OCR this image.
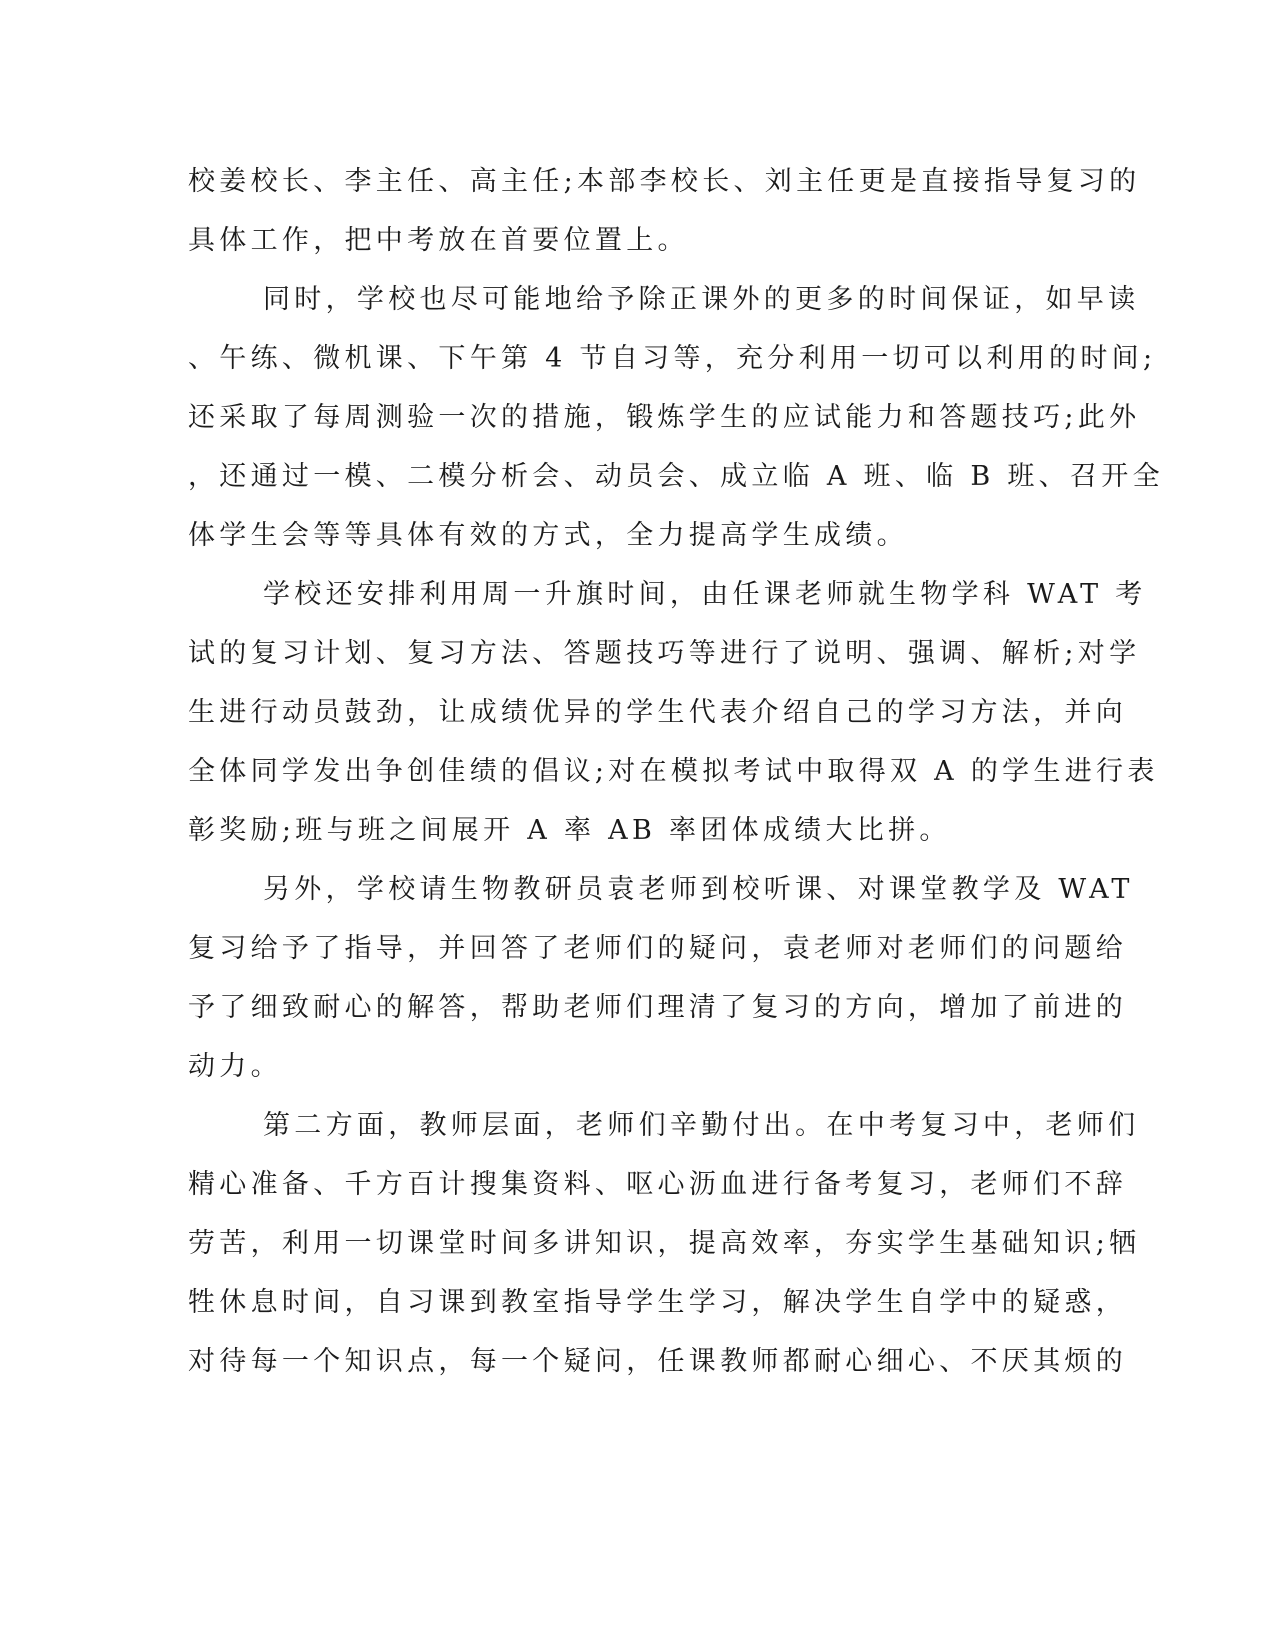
校姜校长、李主任、高主任;本部李校长、刘主任更是直接指导复习的
具体工作，把中考放在首要位置上。
同时，学校也尽可能地给予除正课外的更多的时间保证，如早读
、午练、微机课、下午第 4 节自习等，充分利用一切可以利用的时间;
还采取了每周测验一次的措施，锻炼学生的应试能力和答题技巧;此外
，还通过一模、二模分析会、动员会、成立临 A 班、临 B 班、召开全
体学生会等等具体有效的方式，全力提高学生成绩。
学校还安排利用周一升旗时间，由任课老师就生物学科 WAT 考
试的复习计划、复习方法、答题技巧等进行了说明、强调、解析;对学
生进行动员鼓劲，让成绩优异的学生代表介绍自己的学习方法，并向
全体同学发出争创佳绩的倡议;对在模拟考试中取得双 A 的学生进行表
彰奖励;班与班之间展开 A 率 AB 率团体成绩大比拼。
另外，学校请生物教研员袁老师到校听课、对课堂教学及 WAT
复习给予了指导，并回答了老师们的疑问，袁老师对老师们的问题给
予了细致耐心的解答，帮助老师们理清了复习的方向，增加了前进的
动力。
第二方面，教师层面，老师们辛勤付出。在中考复习中，老师们
精心准备、千方百计搜集资料、呕心沥血进行备考复习，老师们不辞
劳苦，利用一切课堂时间多讲知识，提高效率，夯实学生基础知识;牺
牲休息时间，自习课到教室指导学生学习，解决学生自学中的疑惑，
对待每一个知识点，每一个疑问，任课教师都耐心细心、不厌其烦的
